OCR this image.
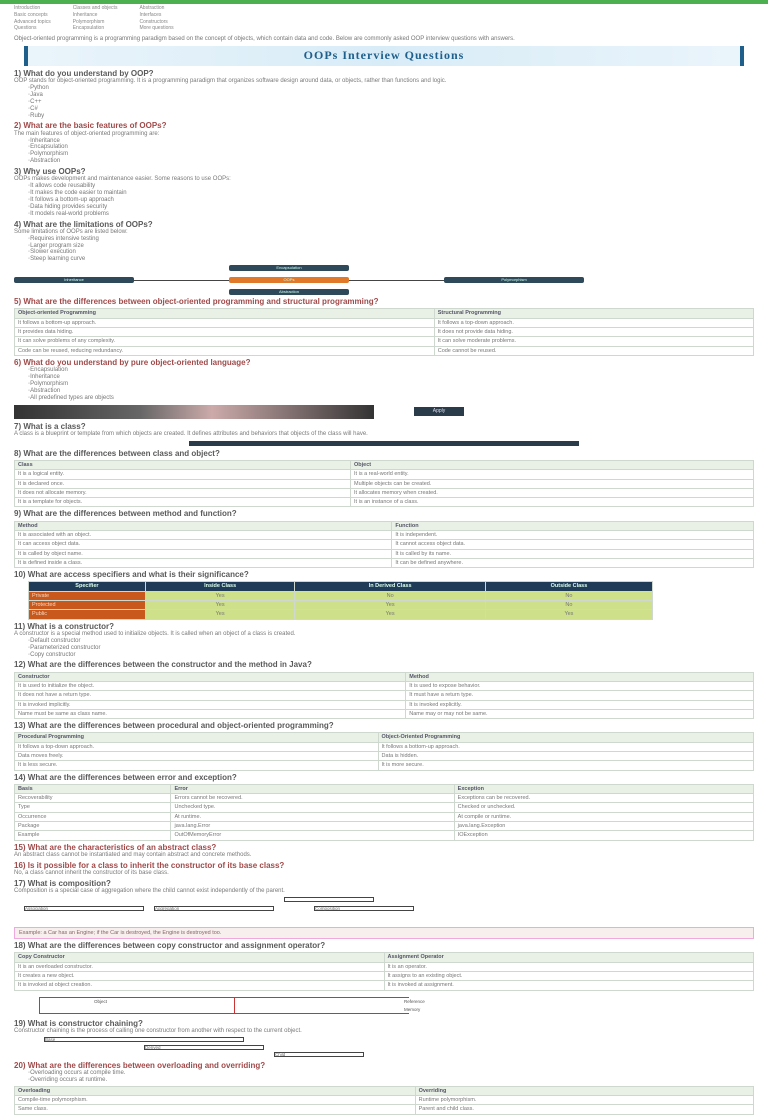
Introduction
Basic concepts
Advanced topics
Questions
Classes and objects
Inheritance
Polymorphism
Encapsulation
Abstraction
Interfaces
Constructors
More questions

Object-oriented programming is a programming paradigm based on the concept of objects, which contain data and code. Below are commonly asked OOP interview questions with answers.

OOPs Interview Questions
1) What do you understand by OOP?

OOP stands for object-oriented programming. It is a programming paradigm that organizes software design around data, or objects, rather than functions and logic.

◦ Python
◦ Java
◦ C++
◦ C#
◦ Ruby
2) What are the basic features of OOPs?

The main features of object-oriented programming are:

◦ Inheritance
◦ Encapsulation
◦ Polymorphism
◦ Abstraction
3) Why use OOPs?

OOPs makes development and maintenance easier. Some reasons to use OOPs:

◦ It allows code reusability
◦ It makes the code easier to maintain
◦ It follows a bottom-up approach
◦ Data hiding provides security
◦ It models real-world problems
4) What are the limitations of OOPs?

Some limitations of OOPs are listed below:

◦ Requires intensive testing
◦ Larger program size
◦ Slower execution
◦ Steep learning curve
Encapsulation
Inheritance	OOPs	Polymorphism
Abstraction
5) What are the differences between object-oriented programming and structural programming?
Object-oriented Programming	Structural Programming
It follows a bottom-up approach.	It follows a top-down approach.
It provides data hiding.	It does not provide data hiding.
It can solve problems of any complexity.	It can solve moderate problems.
Code can be reused, reducing redundancy.	Code cannot be reused.
6) What do you understand by pure object-oriented language?
◦ Encapsulation
◦ Inheritance
◦ Polymorphism
◦ Abstraction
◦ All predefined types are objects
Apply
7) What is a class?

A class is a blueprint or template from which objects are created. It defines attributes and behaviors that objects of the class will have.

8) What are the differences between class and object?
Class	Object
It is a logical entity.	It is a real-world entity.
It is declared once.	Multiple objects can be created.
It does not allocate memory.	It allocates memory when created.
It is a template for objects.	It is an instance of a class.
9) What are the differences between method and function?
Method	Function
It is associated with an object.	It is independent.
It can access object data.	It cannot access object data.
It is called by object name.	It is called by its name.
It is defined inside a class.	It can be defined anywhere.
10) What are access specifiers and what is their significance?
Specifier	Inside Class	In Derived Class	Outside Class
Private	Yes	No	No
Protected	Yes	Yes	No
Public	Yes	Yes	Yes
11) What is a constructor?

A constructor is a special method used to initialize objects. It is called when an object of a class is created.

◦ Default constructor
◦ Parameterized constructor
◦ Copy constructor
12) What are the differences between the constructor and the method in Java?
Constructor	Method
It is used to initialize the object.	It is used to expose behavior.
It does not have a return type.	It must have a return type.
It is invoked implicitly.	It is invoked explicitly.
Name must be same as class name.	Name may or may not be same.
13) What are the differences between procedural and object-oriented programming?
Procedural Programming	Object-Oriented Programming
It follows a top-down approach.	It follows a bottom-up approach.
Data moves freely.	Data is hidden.
It is less secure.	It is more secure.
14) What are the differences between error and exception?
Basis	Error	Exception
Recoverability	Errors cannot be recovered.	Exceptions can be recovered.
Type	Unchecked type.	Checked or unchecked.
Occurrence	At runtime.	At compile or runtime.
Package	java.lang.Error	java.lang.Exception
Example	OutOfMemoryError	IOException
15) What are the characteristics of an abstract class?

An abstract class cannot be instantiated and may contain abstract and concrete methods.

16) Is it possible for a class to inherit the constructor of its base class?

No, a class cannot inherit the constructor of its base class.

17) What is composition?

Composition is a special case of aggregation where the child cannot exist independently of the parent.

Association	Aggregation	Composition
Example: a Car has an Engine; if the Car is destroyed, the Engine is destroyed too.
18) What are the differences between copy constructor and assignment operator?
Copy Constructor	Assignment Operator
It is an overloaded constructor.	It is an operator.
It creates a new object.	It assigns to an existing object.
It is invoked at object creation.	It is invoked at assignment.
Object	Reference
Memory
19) What is constructor chaining?

Constructor chaining is the process of calling one constructor from another with respect to the current object.

Base
Derived
Child
20) What are the differences between overloading and overriding?
◦ Overloading occurs at compile time.
◦ Overriding occurs at runtime.
Overloading	Overriding
Compile-time polymorphism.	Runtime polymorphism.
Same class.	Parent and child class.
